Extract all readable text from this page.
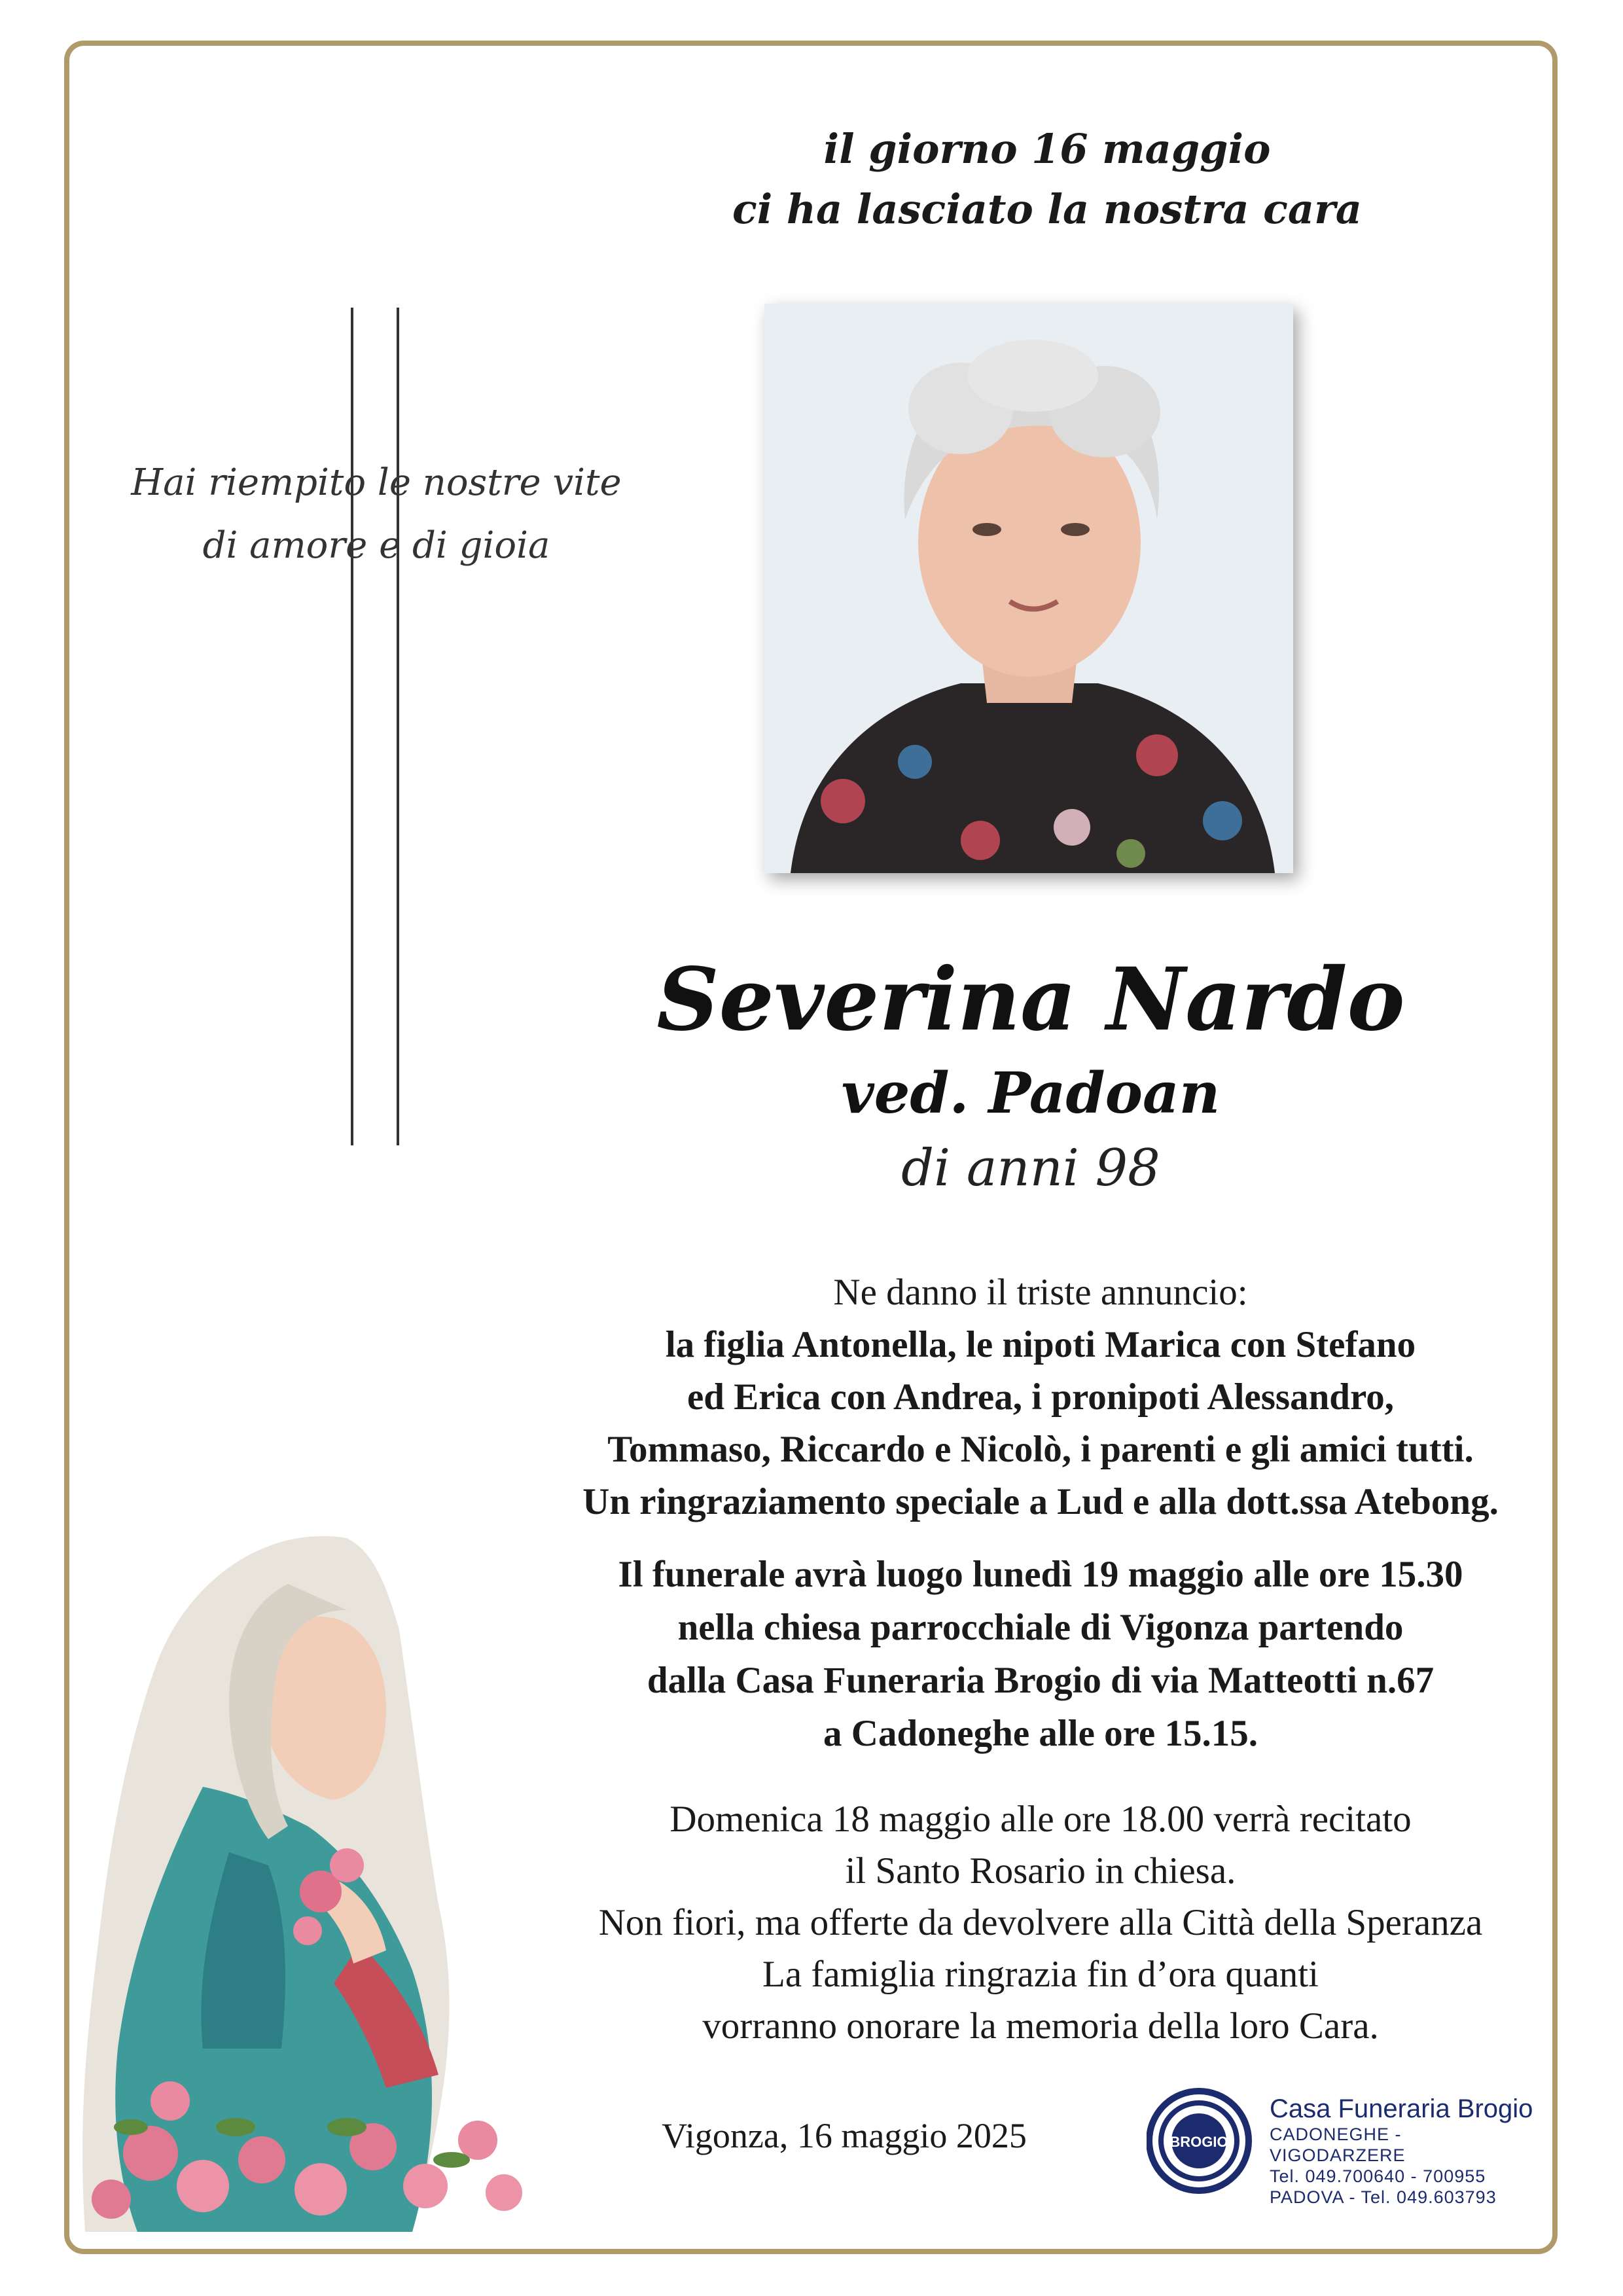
il giorno 16 maggio
ci ha lasciato la nostra cara
Hai riempito le nostre vite
di amore e di gioia
Severina Nardo
ved. Padoan
di anni 98
Ne danno il triste annuncio:
la figlia Antonella, le nipoti Marica con Stefano
ed Erica con Andrea, i pronipoti Alessandro,
Tommaso, Riccardo e Nicolò, i parenti e gli amici tutti.
Un ringraziamento speciale a Lud e alla dott.ssa Atebong.
Il funerale avrà luogo lunedì 19 maggio alle ore 15.30
nella chiesa parrocchiale di Vigonza partendo
dalla Casa Funeraria Brogio di via Matteotti n.67
a Cadoneghe alle ore 15.15.
Domenica 18 maggio alle ore 18.00 verrà recitato
il Santo Rosario in chiesa.
Non fiori, ma offerte da devolvere alla Città della Speranza
La famiglia ringrazia fin d’ora quanti
vorranno onorare la memoria della loro Cara.
Vigonza, 16 maggio 2025	BROGIO
Casa Funeraria Brogio
CADONEGHE - VIGODARZERE
Tel. 049.700640 - 700955
PADOVA - Tel. 049.603793
